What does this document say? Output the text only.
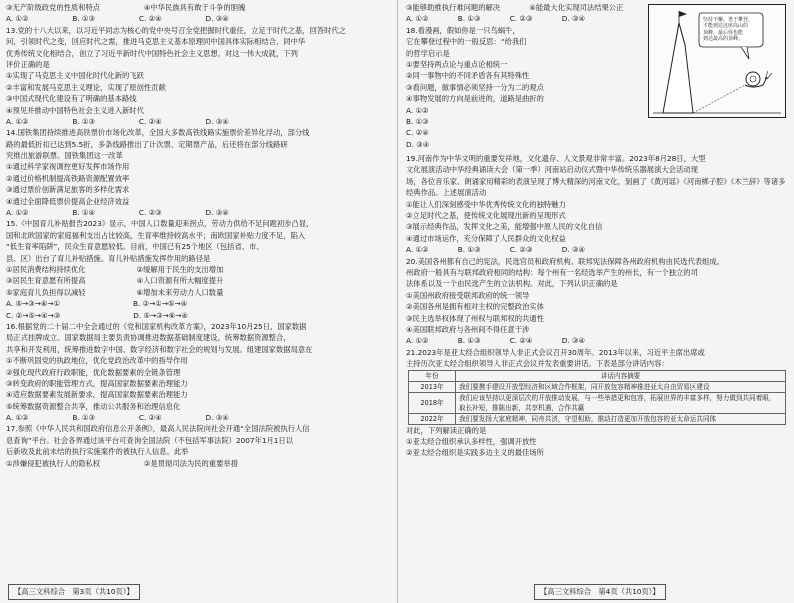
③无产阶级政党的性质和特点　　　　　　④中华民族具有敢于斗争的胆魄
A. ①②　　　　　　B. ①③　　　　　　C. ②④　　　　　　D. ③④
13.党的十八大以来，以习近平同志为核心的党中央号召全党把握时代重任，立足于时代之基，回答时代之
问，引领时代之变，回应时代之需，推进马克思主义基本原理同中国具体实际相结合、同中华
优秀传统文化相结合，创立了习近平新时代中国特色社会主义思想。对这一伟大成就，下列
评价正确的是
①实现了马克思主义中国化时代化新的飞跃
②丰富和发展马克思主义理论，实现了原创性贡献
③中国式现代化建设有了明确的基本路线
④预见并推动中国特色社会主义进入新时代
A. ①②　　　　　　B. ①③　　　　　　C. ②④　　　　　　D. ③④
14.国铁集团持续推进高铁票价市场化改革，全国大多数高铁线路实施票价差异化浮动，部分线
路的最低折扣已达到5.5折，多条线路推出了计次票、定期票产品，后还将在部分线路研
究推出旅游联票。国铁集团这一改革
①通过科学家视调控更好发挥市场作用
②通过价格机制提高铁路资源配置效率
③通过票价创新满足旅客的多样化需求
④通过全面降低票价提高企业经济效益
A. ①②　　　　　　B. ①④　　　　　　C. ②③　　　　　　D. ③④
15.《中国育儿补贴报告2023》显示，中国人口数量迎来拐点，劳动力供给不足问题初步凸显，
国和北欧国家的家庭福利支出占比较高，生育率维持较高水平；南欧国家补贴力度不足，陷入
“低生育率陷阱”，民众生育意愿较低。目前，中国已有25个地区（包括省、市、
县、区）出台了育儿补贴措施。育儿补贴措施发挥作用的路径是
①居民消费结构持续优化　　　　　　　②缓解用于民生的支出增加
③居民生育意愿有所提高　　　　　　　④人口资源有所大幅度提升
⑤家庭育儿负担得以减轻　　　　　　　⑥增加未来劳动力人口数量
A. ⑤→③→⑥→①　　　　　　　　　　B. ②→①→⑤→④
C. ②→⑤→④→③　　　　　　　　　　D. ⑤→③→⑥→④
16.根据党的二十届二中全会通过的《党和国家机构改革方案》，2023年10月25日，国家数据
局正式挂牌成立。国家数据局主要负责协调推进数据基础制度建设，统筹数据资源整合，
共享和开发利用，统筹推进数字中国、数字经济和数字社会的规划与发展。组建国家数据局意在
①不断巩固党的执政地位，优化党政治改革中的指导作用
②强化现代政府行政职能，优化数据要素的全链条管理
③转变政府的职能管理方式，提高国家数据要素治理能力
④适应数据要素发展新要求，提高国家数据要素治理能力
⑤统筹数据资源整合共享，推动公共服务和治理信息化
A. ①②　　　　　　B. ①③　　　　　　C. ②④　　　　　　D. ③④
17.参照《中华人民共和国政府信息公开条例》，最高人民法院向社会开通“全国法院被执行人信
息查询”平台。社会各界通过该平台可查询全国法院（不包括军事法院）2007年1月1日以
后新收及此前未结的执行实施案件的被执行人信息。此举
①涉嫌侵犯被执行人的隐私权　　　　　　②是贯彻司法为民的重要举措
【高三文科综合　第3页（共10页）】
③能够助推执行难问题的解决　　　　④能最大化实现司法结果公正
A. ①②　　　　B. ①③　　　　C. ②③　　　　D. ③④
18.看漫画，假如你是一只鸟蜗牛，
它在攀登过程中的一般反思：“给我们
的哲学启示是
①要坚持两点论与重点论相统一
②同一事物中的不同矛盾各有其特殊性
③看问题，做事情必须坚持一分为二的观点
④事物发展的方向是前进的，道路是曲折的
A. ①②
B. ①③
C. ②④
D. ③④
19.河南作为中华文明的重要发祥地，文化遗存、人文景观非常丰富。2023年8月28日，大型
文化展演活动中华经典诵读大会（第一季）河南站启动仪式暨中华传统乐器展演大会活动现
场，各位音乐家、朗诵家用精彩的表演呈现了博大精深的河南文化，刻画了《黄河谣》《河南梆子腔》《木兰辞》等诸多
经典作品。上述展演活动
①能让人们深刻感受中华优秀传统文化的独特魅力
②立足时代之基，使传统文化展现出新的呈现形式
③展示经典作品，发挥文化之美，能增强中原人民的文化自信
④通过市场运作，充分保障了人民群众的文化权益
A. ①②　　　　B. ①③　　　　C. ②③　　　　D. ③④
20.美国各州都有自己的宪法，民选官员和政府机构。联邦宪法保障各州政府机构由民选代表组成。
州政府一般具有与联邦政府相同的结构：每个州有一名经选举产生的州长，有一个独立的司
法体系以及一个由民选产生的立法机构。对此，下列认识正确的是
①美国州政府接受联邦政府的统一领导
②美国各州是拥有相对主权的完整政治实体
③民主选举权体现了州权与联邦权的共通性
④美国联邦政府与各州间不得任意干涉
A. ①②　　　　B. ①③　　　　C. ②④　　　　D. ③④
21.2023年是亚太经合组织领导人非正式会议召开30周年。2013年以来，习近平主席出席或
主持历次亚太经合组织领导人非正式会议并发表重要讲话。下表是部分讲话内容：
年份	讲话内容摘要
2013年	我们要携手建设开放型经济和区域合作框架，同开放包容精神推进亚太自由贸易区建设

2018年	我们应该坚持以更深层次的开放推动发展，与一些举措更和包容，拓展世界的丰富多样，努力做到共同着眼，
取长补短，推陈出新，共享机遇，合作共赢

2022年	我们要发扬大家庭精神，同舟共济，守望相助，推动打造更加开放包容的亚太命运共同体
对此，下列解读正确的是
①亚太经合组织承认多样性，强调开放性
②亚太经合组织是实践多边主义的最佳场所
坚持不懈，勇于攀登，
才能到达这座高山的
顶峰，最后你也能
到达最高的顶峰。
【高三文科综合　第4页（共10页）】
